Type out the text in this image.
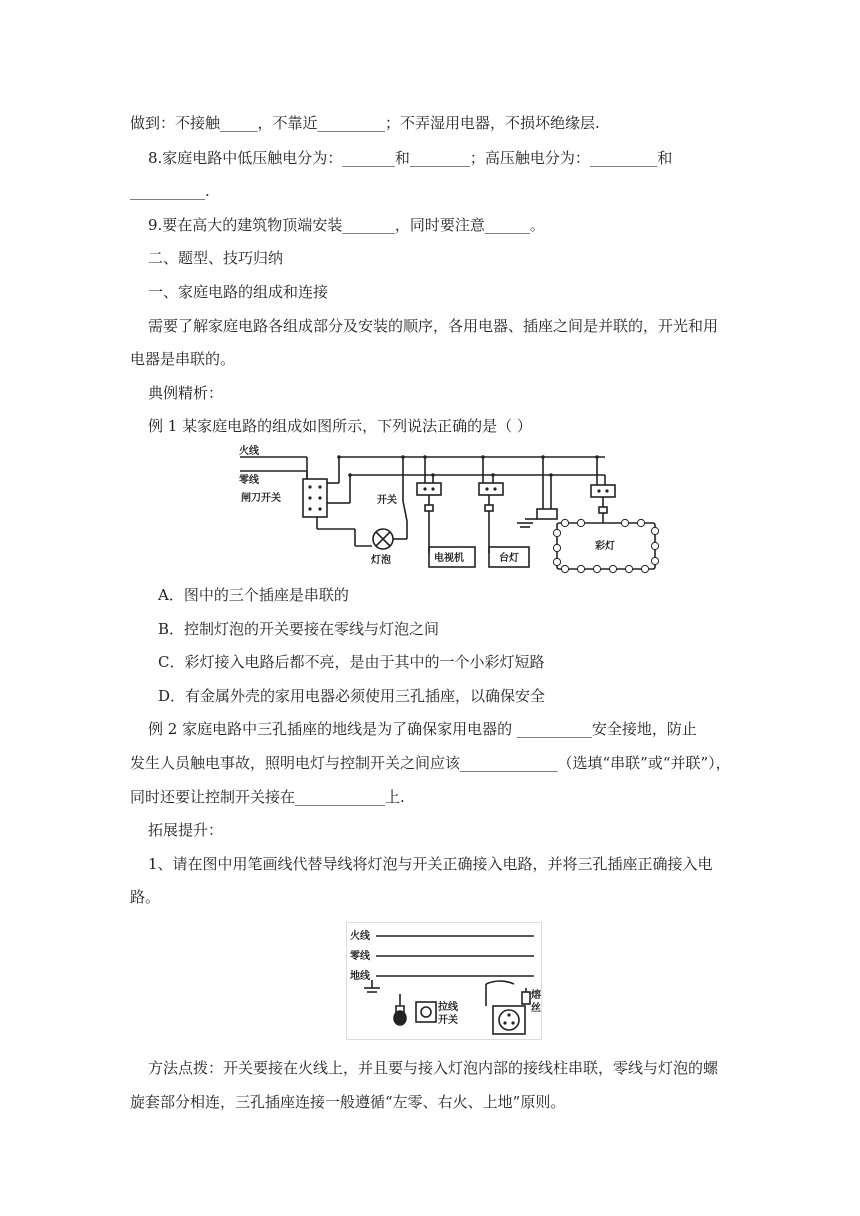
做到：不接触_____，不靠近_________；不弄湿用电器，不损坏绝缘层.
8.家庭电路中低压触电分为：_______和________；高压触电分为：_________和
__________.
9.要在高大的建筑物顶端安装_______，同时要注意______。
二、题型、技巧归纳
一、家庭电路的组成和连接
需要了解家庭电路各组成部分及安装的顺序，各用电器、插座之间是并联的，开光和用
电器是串联的。
典例精析：
例 1 某家庭电路的组成如图所示，下列说法正确的是（ ）
火线
零线
闸刀开关	开关
灯泡	电视机	台灯
彩灯
A．图中的三个插座是串联的
B．控制灯泡的开关要接在零线与灯泡之间
C．彩灯接入电路后都不亮，是由于其中的一个小彩灯短路
D．有金属外壳的家用电器必须使用三孔插座，以确保安全
例 2 家庭电路中三孔插座的地线是为了确保家用电器的 __________安全接地，防止
发生人员触电事故，照明电灯与控制开关之间应该_____________（选填“串联”或“并联”），
同时还要让控制开关接在____________上.
拓展提升：
1、请在图中用笔画线代替导线将灯泡与开关正确接入电路，并将三孔插座正确接入电
路。
火线
零线
地线
拉线
开关
熔
丝
方法点拨：开关要接在火线上，并且要与接入灯泡内部的接线柱串联，零线与灯泡的螺
旋套部分相连，三孔插座连接一般遵循“左零、右火、上地”原则。
